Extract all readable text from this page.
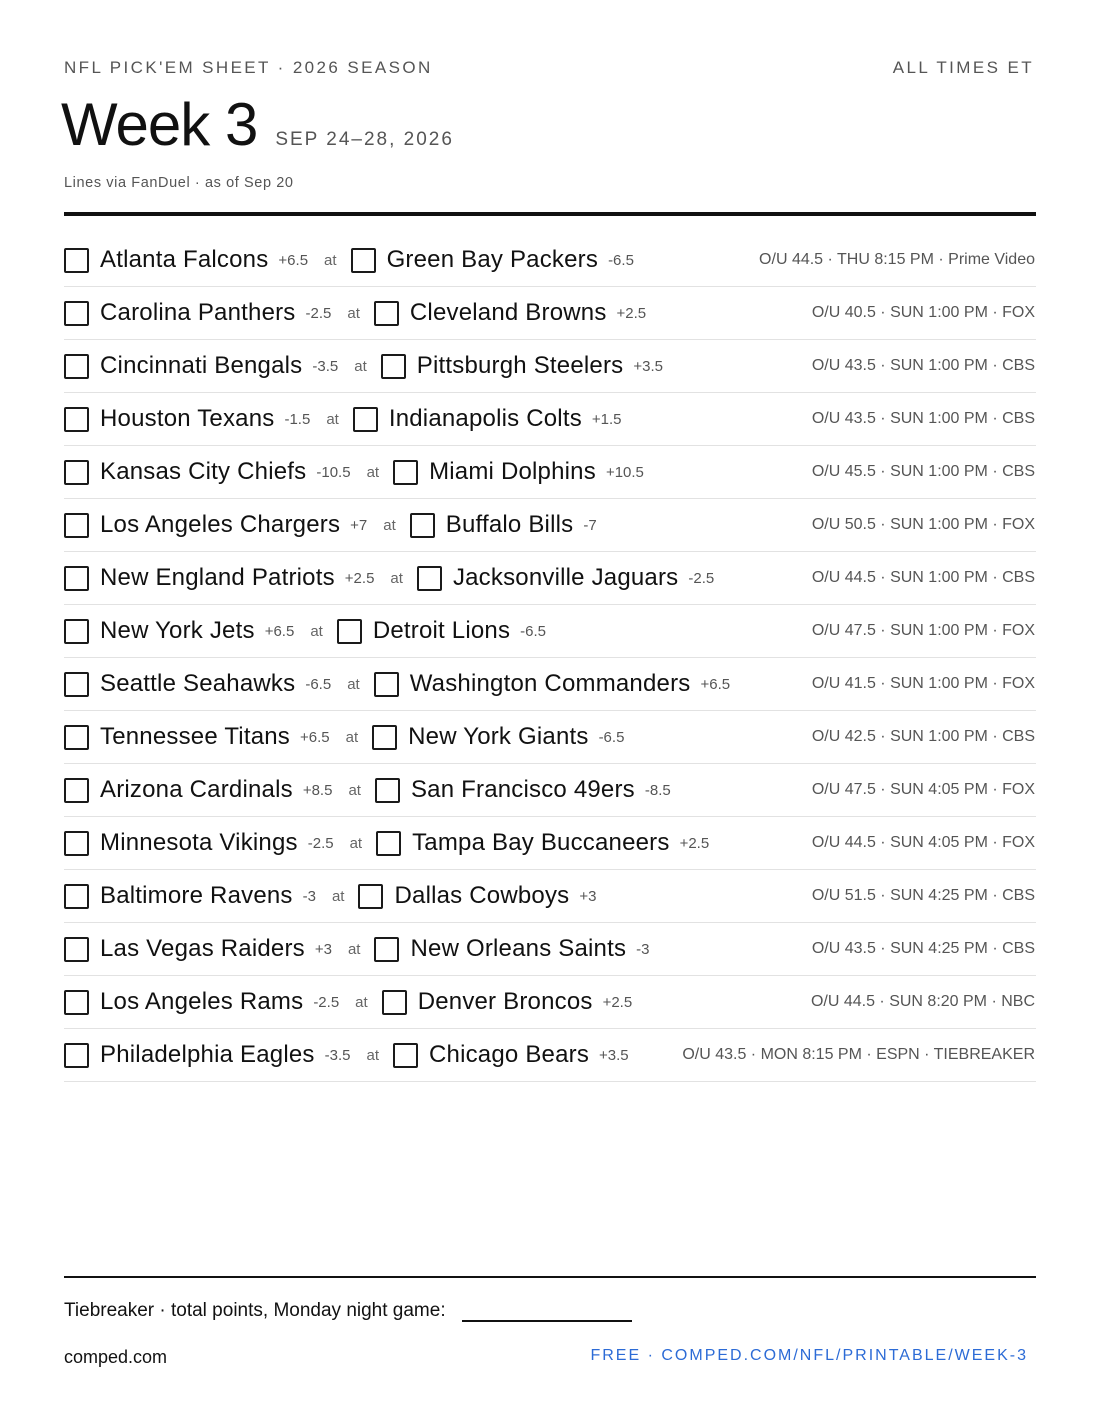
NFL PICK'EM SHEET · 2026 SEASON	ALL TIMES ET
Week 3 SEP 24–28, 2026
Lines via FanDuel · as of Sep 20
Atlanta Falcons +6.5 at Green Bay Packers -6.5	O/U 44.5 · THU 8:15 PM · Prime Video
Carolina Panthers -2.5 at Cleveland Browns +2.5	O/U 40.5 · SUN 1:00 PM · FOX
Cincinnati Bengals -3.5 at Pittsburgh Steelers +3.5	O/U 43.5 · SUN 1:00 PM · CBS
Houston Texans -1.5 at Indianapolis Colts +1.5	O/U 43.5 · SUN 1:00 PM · CBS
Kansas City Chiefs -10.5 at Miami Dolphins +10.5	O/U 45.5 · SUN 1:00 PM · CBS
Los Angeles Chargers +7 at Buffalo Bills -7	O/U 50.5 · SUN 1:00 PM · FOX
New England Patriots +2.5 at Jacksonville Jaguars -2.5	O/U 44.5 · SUN 1:00 PM · CBS
New York Jets +6.5 at Detroit Lions -6.5	O/U 47.5 · SUN 1:00 PM · FOX
Seattle Seahawks -6.5 at Washington Commanders +6.5	O/U 41.5 · SUN 1:00 PM · FOX
Tennessee Titans +6.5 at New York Giants -6.5	O/U 42.5 · SUN 1:00 PM · CBS
Arizona Cardinals +8.5 at San Francisco 49ers -8.5	O/U 47.5 · SUN 4:05 PM · FOX
Minnesota Vikings -2.5 at Tampa Bay Buccaneers +2.5	O/U 44.5 · SUN 4:05 PM · FOX
Baltimore Ravens -3 at Dallas Cowboys +3	O/U 51.5 · SUN 4:25 PM · CBS
Las Vegas Raiders +3 at New Orleans Saints -3	O/U 43.5 · SUN 4:25 PM · CBS
Los Angeles Rams -2.5 at Denver Broncos +2.5	O/U 44.5 · SUN 8:20 PM · NBC
Philadelphia Eagles -3.5 at Chicago Bears +3.5	O/U 43.5 · MON 8:15 PM · ESPN · TIEBREAKER
Tiebreaker · total points, Monday night game:
comped.com	FREE · COMPED.COM/NFL/PRINTABLE/WEEK-3
